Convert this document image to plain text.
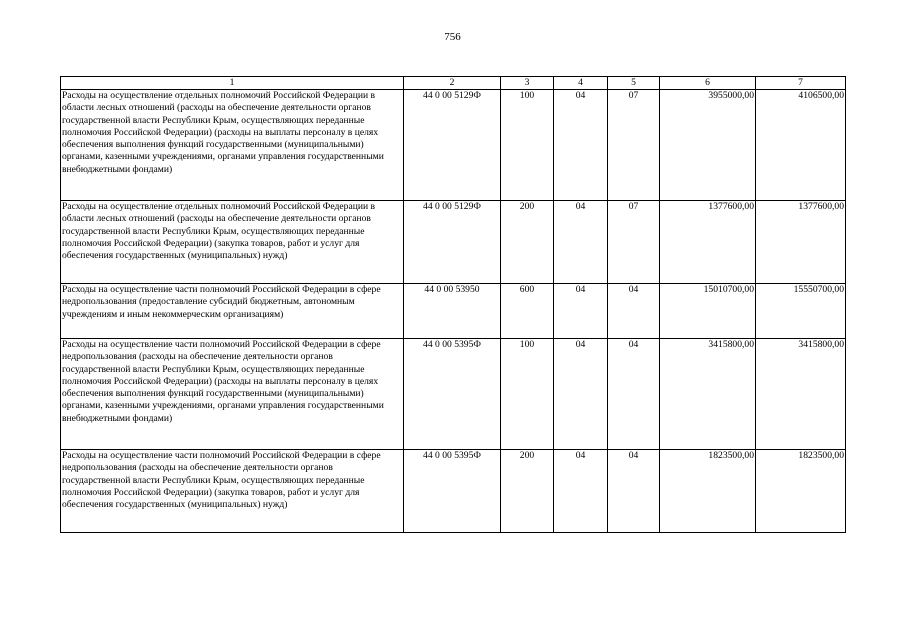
756
1	2	3	4	5	6	7
Расходы на осуществление отдельных полномочий Российской Федерации в области лесных отношений (расходы на обеспечение деятельности органов государственной власти Республики Крым, осуществляющих переданные полномочия Российской Федерации) (расходы на выплаты персоналу в целях обеспечения выполнения функций государственными (муниципальными) органами, казенными учреждениями, органами управления государственными внебюджетными фондами)	44 0 00 5129Ф	100	04	07	3955000,00	4106500,00
Расходы на осуществление отдельных полномочий Российской Федерации в области лесных отношений (расходы на обеспечение деятельности органов государственной власти Республики Крым, осуществляющих переданные полномочия Российской Федерации) (закупка товаров, работ и услуг для обеспечения государственных (муниципальных) нужд)	44 0 00 5129Ф	200	04	07	1377600,00	1377600,00
Расходы на осуществление части полномочий Российской Федерации в сфере недропользования (предоставление субсидий бюджетным, автономным учреждениям и иным некоммерческим организациям)	44 0 00 53950	600	04	04	15010700,00	15550700,00
Расходы на осуществление части полномочий Российской Федерации в сфере недропользования (расходы на обеспечение деятельности органов государственной власти Республики Крым, осуществляющих переданные полномочия Российской Федерации) (расходы на выплаты персоналу в целях обеспечения выполнения функций государственными (муниципальными) органами, казенными учреждениями, органами управления государственными внебюджетными фондами)	44 0 00 5395Ф	100	04	04	3415800,00	3415800,00
Расходы на осуществление части полномочий Российской Федерации в сфере недропользования (расходы на обеспечение деятельности органов государственной власти Республики Крым, осуществляющих переданные полномочия Российской Федерации) (закупка товаров, работ и услуг для обеспечения государственных (муниципальных) нужд)	44 0 00 5395Ф	200	04	04	1823500,00	1823500,00
